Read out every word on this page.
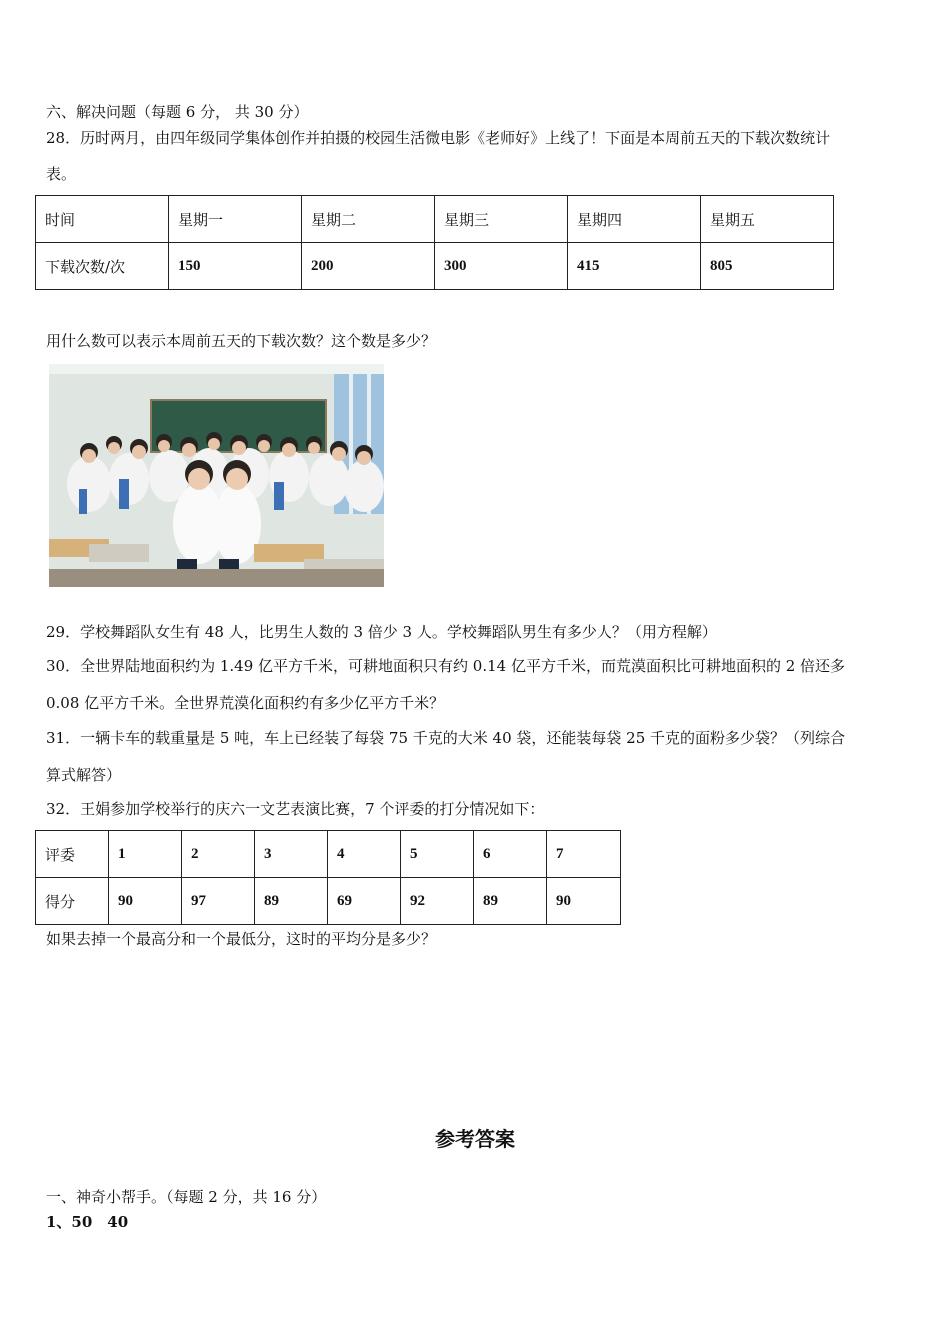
六、解决问题（每题 6 分， 共 30 分）
28．历时两月，由四年级同学集体创作并拍摄的校园生活微电影《老师好》上线了！下面是本周前五天的下载次数统计
表。
时间	星期一	星期二	星期三	星期四	星期五
下载次数/次	150	200	300	415	805
用什么数可以表示本周前五天的下载次数？这个数是多少？
29．学校舞蹈队女生有 48 人，比男生人数的 3 倍少 3 人。学校舞蹈队男生有多少人？（用方程解）
30．全世界陆地面积约为 1.49 亿平方千米，可耕地面积只有约 0.14 亿平方千米，而荒漠面积比可耕地面积的 2 倍还多
0.08 亿平方千米。全世界荒漠化面积约有多少亿平方千米？
31．一辆卡车的载重量是 5 吨，车上已经装了每袋 75 千克的大米 40 袋，还能装每袋 25 千克的面粉多少袋？（列综合
算式解答）
32．王娟参加学校举行的庆六一文艺表演比赛，7 个评委的打分情况如下：
评委	1	2	3	4	5	6	7
得分	90	97	89	69	92	89	90
如果去掉一个最高分和一个最低分，这时的平均分是多少？
参考答案
一、神奇小帮手。（每题 2 分，共 16 分）
1、50　40
